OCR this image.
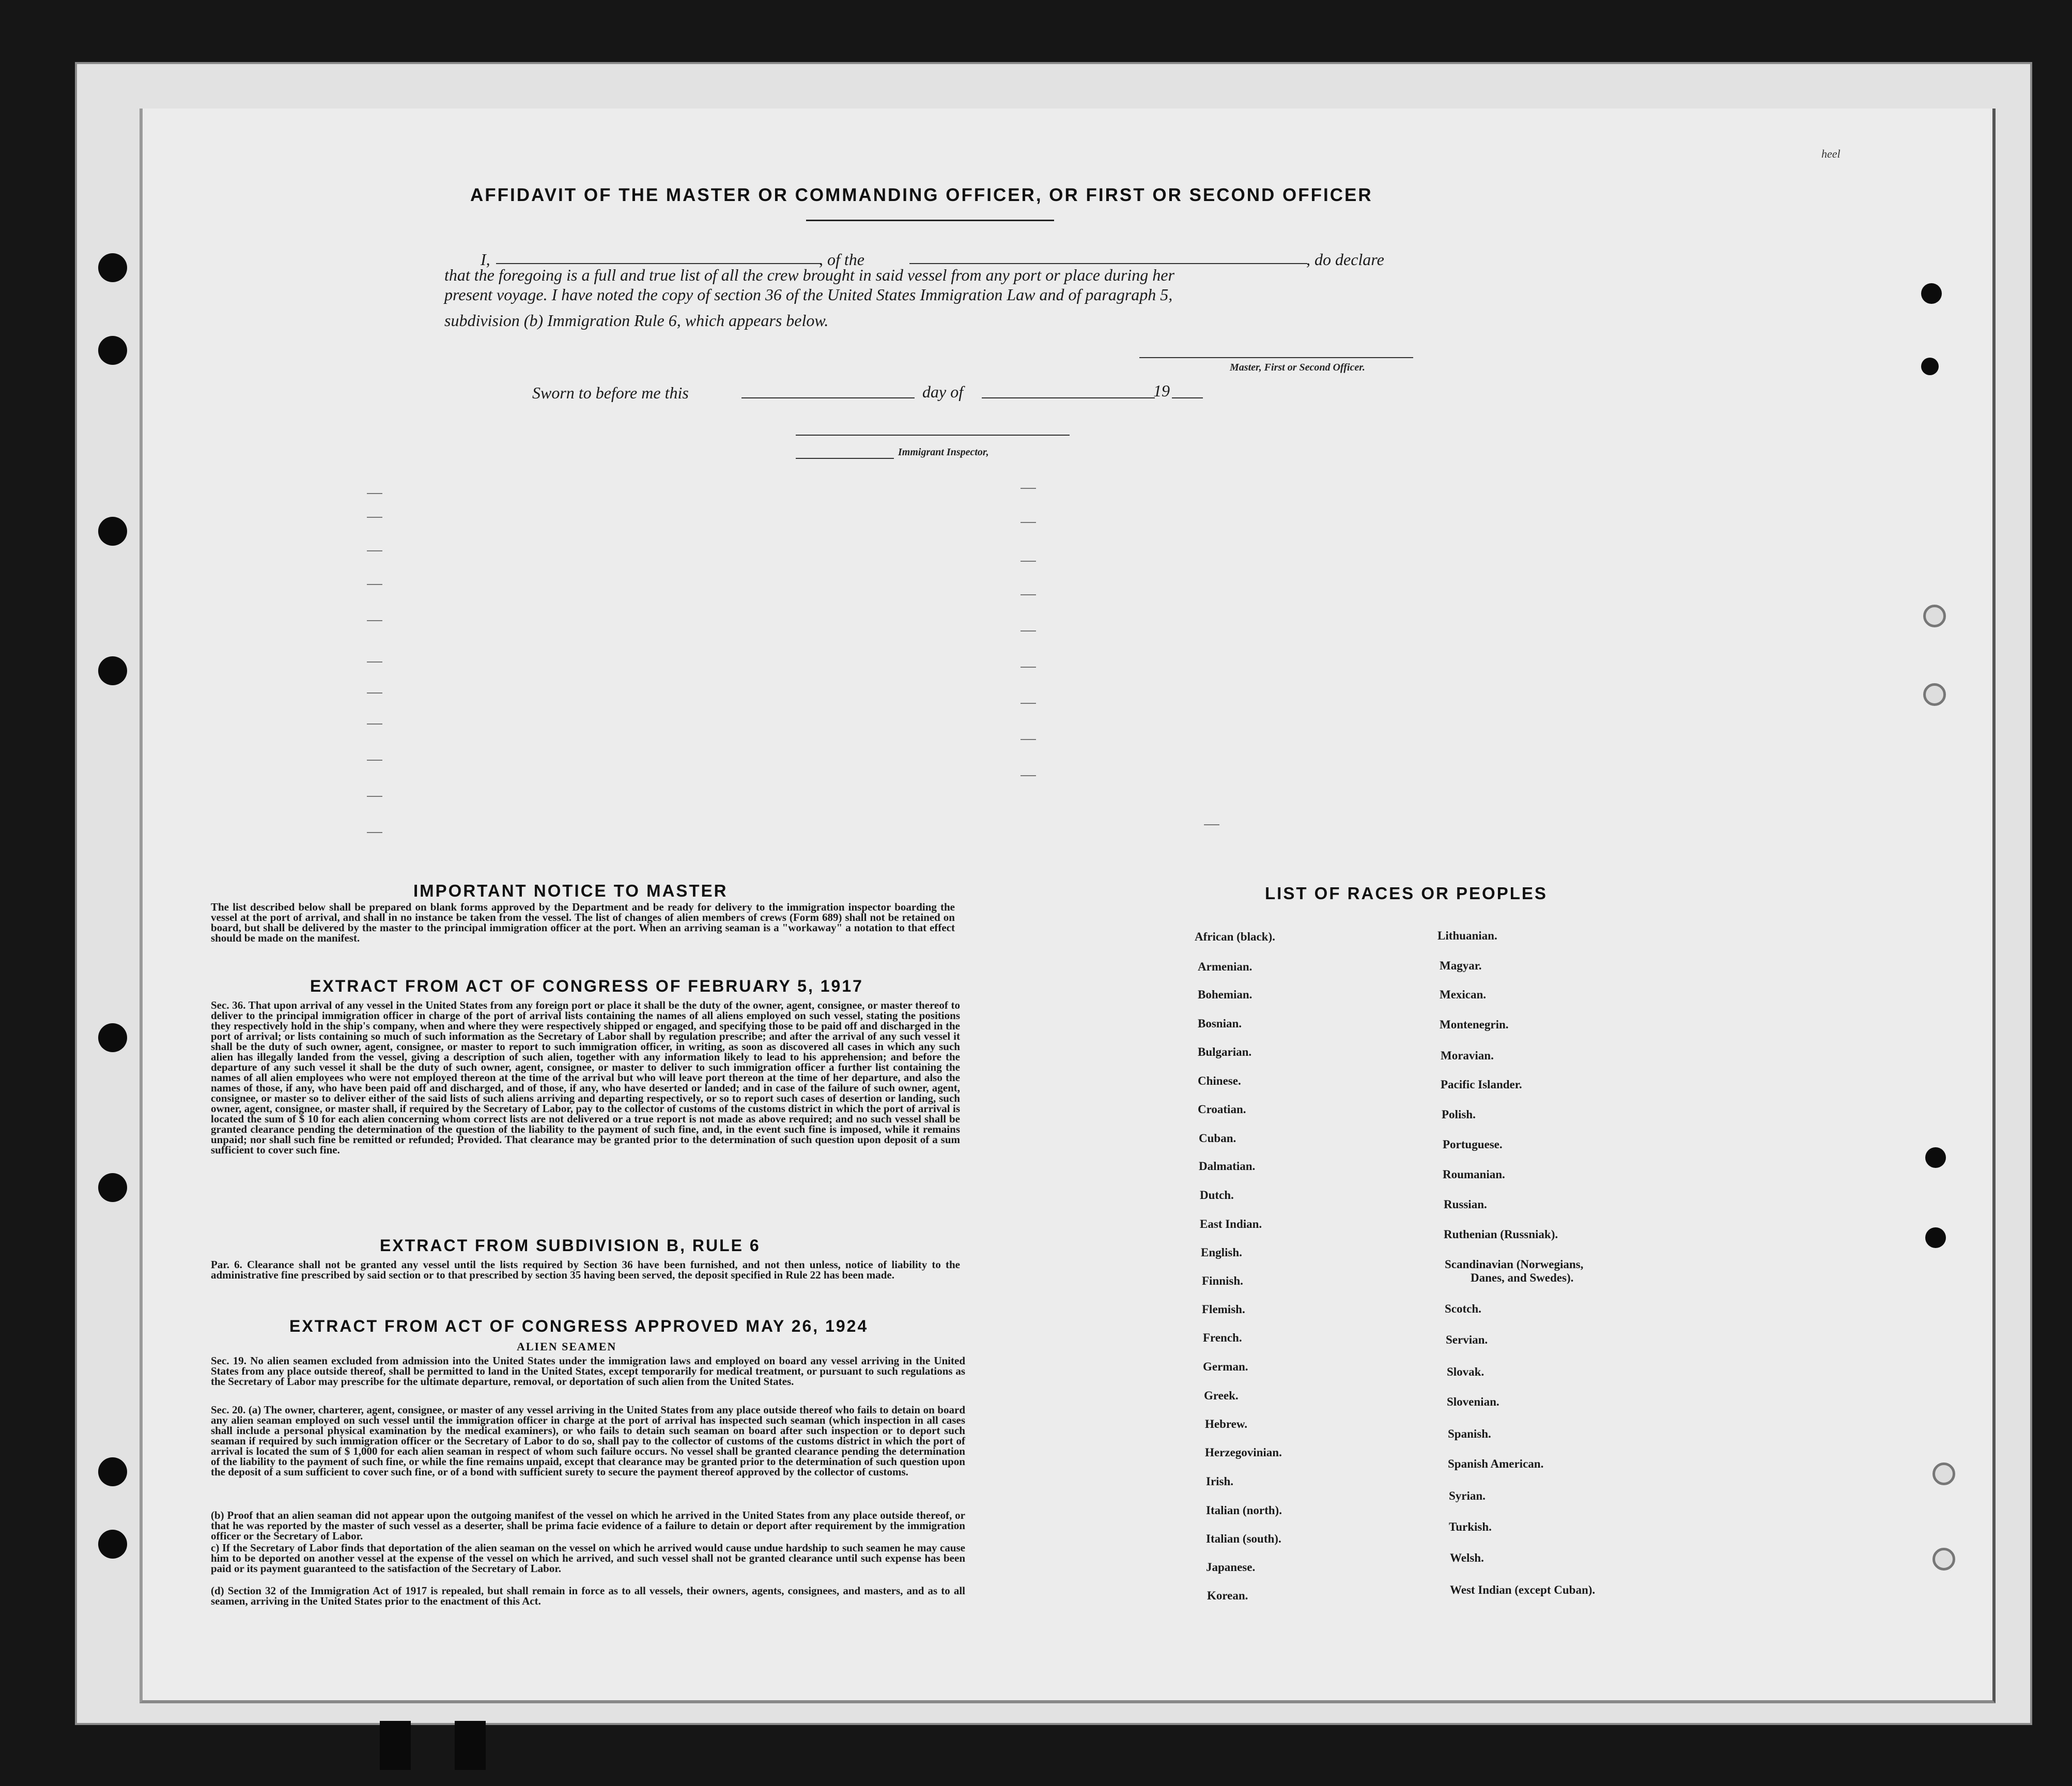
heel
AFFIDAVIT OF THE MASTER OR COMMANDING OFFICER, OR FIRST OR SECOND OFFICER
I,	, of the	, do declare
that the foregoing is a full and true list of all the crew brought in said vessel from any port or place during her
present voyage. I have noted the copy of section 36 of the United States Immigration Law and of paragraph 5,
subdivision (b) Immigration Rule 6, which appears below.
Master, First or Second Officer.
Sworn to before me this	day of	19
Immigrant Inspector,
IMPORTANT NOTICE TO MASTER
The list described below shall be prepared on blank forms approved by the Department and be ready for delivery to the immigration inspector boarding the vessel at the port of arrival, and shall in no instance be taken from the vessel. The list of changes of alien members of crews (Form 689) shall not be retained on board, but shall be delivered by the master to the principal immigration officer at the port. When an arriving seaman is a "workaway" a notation to that effect should be made on the manifest.
EXTRACT FROM ACT OF CONGRESS OF FEBRUARY 5, 1917
Sec. 36. That upon arrival of any vessel in the United States from any foreign port or place it shall be the duty of the owner, agent, consignee, or master thereof to deliver to the principal immigration officer in charge of the port of arrival lists containing the names of all aliens employed on such vessel, stating the positions they respectively hold in the ship's company, when and where they were respectively shipped or engaged, and specifying those to be paid off and discharged in the port of arrival; or lists containing so much of such information as the Secretary of Labor shall by regulation prescribe; and after the arrival of any such vessel it shall be the duty of such owner, agent, consignee, or master to report to such immigration officer, in writing, as soon as discovered all cases in which any such alien has illegally landed from the vessel, giving a description of such alien, together with any information likely to lead to his apprehension; and before the departure of any such vessel it shall be the duty of such owner, agent, consignee, or master to deliver to such immigration officer a further list containing the names of all alien employees who were not employed thereon at the time of the arrival but who will leave port thereon at the time of her departure, and also the names of those, if any, who have been paid off and discharged, and of those, if any, who have deserted or landed; and in case of the failure of such owner, agent, consignee, or master so to deliver either of the said lists of such aliens arriving and departing respectively, or so to report such cases of desertion or landing, such owner, agent, consignee, or master shall, if required by the Secretary of Labor, pay to the collector of customs of the customs district in which the port of arrival is located the sum of $ 10 for each alien concerning whom correct lists are not delivered or a true report is not made as above required; and no such vessel shall be granted clearance pending the determination of the question of the liability to the payment of such fine, and, in the event such fine is imposed, while it remains unpaid; nor shall such fine be remitted or refunded; Provided. That clearance may be granted prior to the determination of such question upon deposit of a sum sufficient to cover such fine.
EXTRACT FROM SUBDIVISION B, RULE 6
Par. 6. Clearance shall not be granted any vessel until the lists required by Section 36 have been furnished, and not then unless, notice of liability to the administrative fine prescribed by said section or to that prescribed by section 35 having been served, the deposit specified in Rule 22 has been made.
EXTRACT FROM ACT OF CONGRESS APPROVED MAY 26, 1924
ALIEN SEAMEN
Sec. 19. No alien seamen excluded from admission into the United States under the immigration laws and employed on board any vessel arriving in the United States from any place outside thereof, shall be permitted to land in the United States, except temporarily for medical treatment, or pursuant to such regulations as the Secretary of Labor may prescribe for the ultimate departure, removal, or deportation of such alien from the United States.
Sec. 20. (a) The owner, charterer, agent, consignee, or master of any vessel arriving in the United States from any place outside thereof who fails to detain on board any alien seaman employed on such vessel until the immigration officer in charge at the port of arrival has inspected such seaman (which inspection in all cases shall include a personal physical examination by the medical examiners), or who fails to detain such seaman on board after such inspection or to deport such seaman if required by such immigration officer or the Secretary of Labor to do so, shall pay to the collector of customs of the customs district in which the port of arrival is located the sum of $ 1,000 for each alien seaman in respect of whom such failure occurs. No vessel shall be granted clearance pending the determination of the liability to the payment of such fine, or while the fine remains unpaid, except that clearance may be granted prior to the determination of such question upon the deposit of a sum sufficient to cover such fine, or of a bond with sufficient surety to secure the payment thereof approved by the collector of customs.
(b) Proof that an alien seaman did not appear upon the outgoing manifest of the vessel on which he arrived in the United States from any place outside thereof, or that he was reported by the master of such vessel as a deserter, shall be prima facie evidence of a failure to detain or deport after requirement by the immigration officer or the Secretary of Labor.
c) If the Secretary of Labor finds that deportation of the alien seaman on the vessel on which he arrived would cause undue hardship to such seamen he may cause him to be deported on another vessel at the expense of the vessel on which he arrived, and such vessel shall not be granted clearance until such expense has been paid or its payment guaranteed to the satisfaction of the Secretary of Labor.
(d) Section 32 of the Immigration Act of 1917 is repealed, but shall remain in force as to all vessels, their owners, agents, consignees, and masters, and as to all seamen, arriving in the United States prior to the enactment of this Act.
LIST OF RACES OR PEOPLES
African (black).
Armenian.
Bohemian.
Bosnian.
Bulgarian.
Chinese.
Croatian.
Cuban.
Dalmatian.
Dutch.
East Indian.
English.
Finnish.
Flemish.
French.
German.
Greek.
Hebrew.
Herzegovinian.
Irish.
Italian (north).
Italian (south).
Japanese.
Korean.
Lithuanian.
Magyar.
Mexican.
Montenegrin.
Moravian.
Pacific Islander.
Polish.
Portuguese.
Roumanian.
Russian.
Ruthenian (Russniak).
Scandinavian (Norwegians,
Danes, and Swedes).
Scotch.
Servian.
Slovak.
Slovenian.
Spanish.
Spanish American.
Syrian.
Turkish.
Welsh.
West Indian (except Cuban).
